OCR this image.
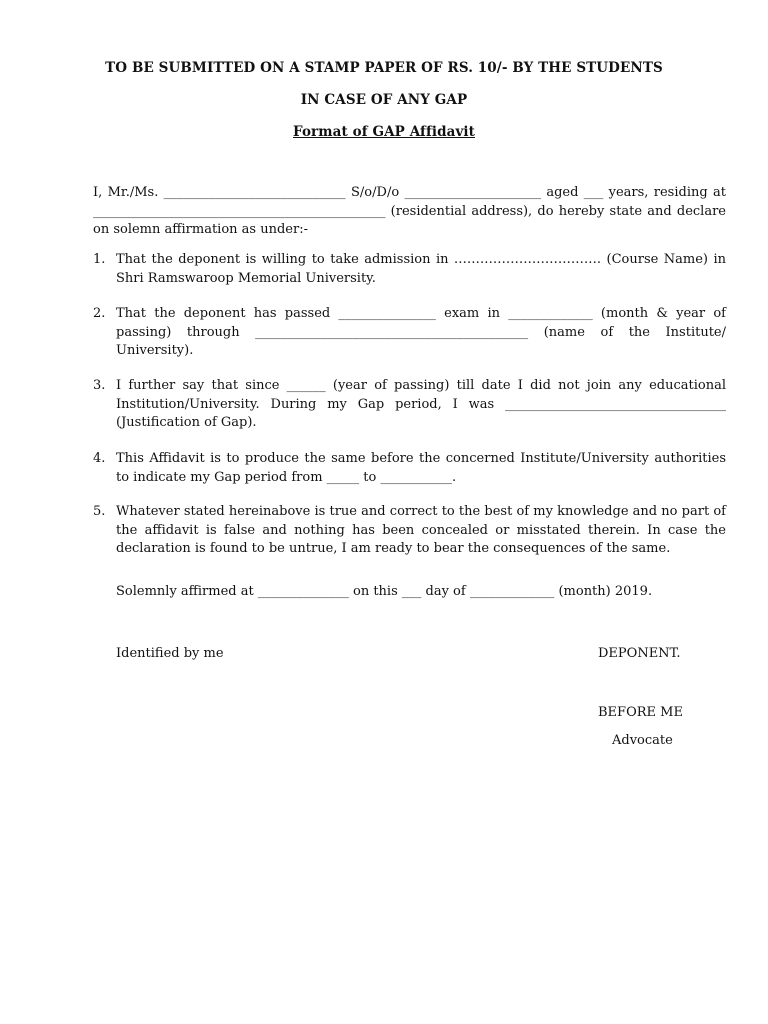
TO BE SUBMITTED ON A STAMP PAPER OF RS. 10/- BY THE STUDENTS
IN CASE OF ANY GAP
Format of GAP Affidavit

I, Mr./Ms. ____________________________ S/o/D/o _____________________ aged ___ years, residing at _____________________________________________ (residential address), do hereby state and declare on solemn affirmation as under:-

1. That the deponent is willing to take admission in ……………………………. (Course Name) in Shri Ramswaroop Memorial University.
2. That the deponent has passed _______________ exam in _____________ (month & year of passing) through __________________________________________ (name of the Institute/ University).
3. I further say that since ______ (year of passing) till date I did not join any educational Institution/University. During my Gap period, I was __________________________________ (Justification of Gap).
4. This Affidavit is to produce the same before the concerned Institute/University authorities to indicate my Gap period from _____ to ___________.
5. Whatever stated hereinabove is true and correct to the best of my knowledge and no part of the affidavit is false and nothing has been concealed or misstated therein. In case the declaration is found to be untrue, I am ready to bear the consequences of the same.
Solemnly affirmed at ______________ on this ___ day of _____________ (month) 2019.
Identified by me	DEPONENT.
BEFORE ME
Advocate
